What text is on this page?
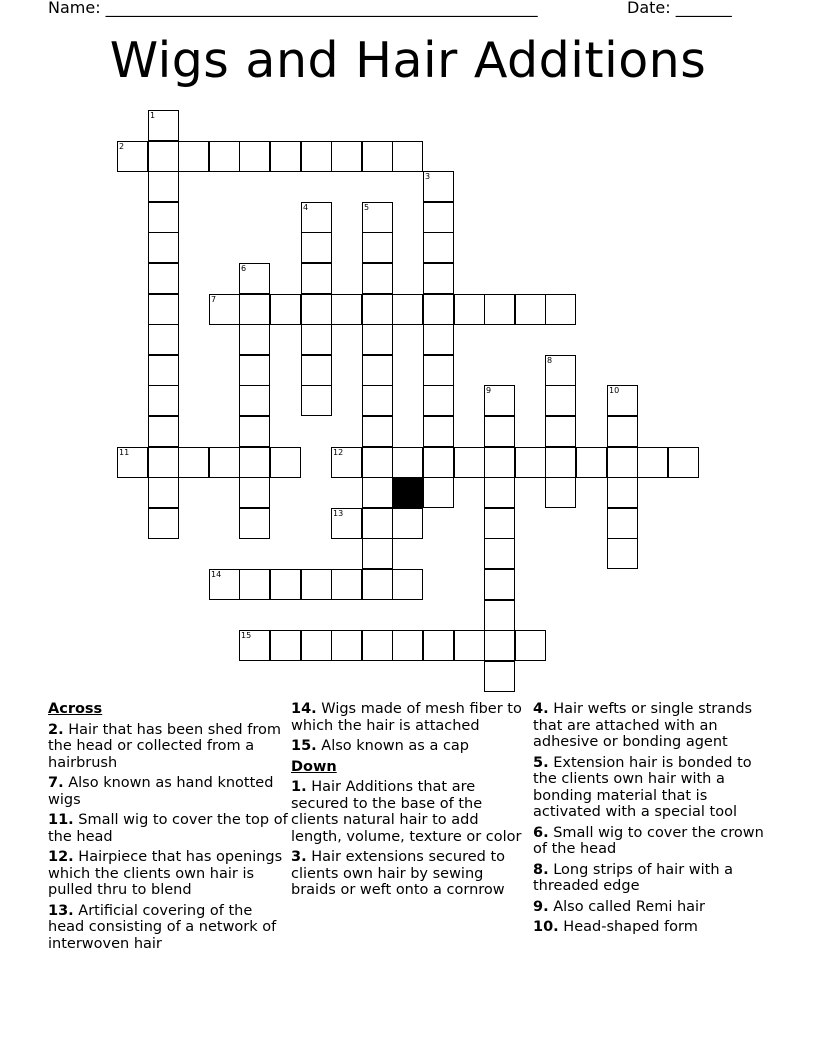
Name: ______________________________________________________	Date: _______
Wigs and Hair Additions
1
2
3
4	5
6
7
8
9	10
11	12
13
14
15
Across
2. Hair that has been shed from the head or collected from a hairbrush
7. Also known as hand knotted wigs
11. Small wig to cover the top of the head
12. Hairpiece that has openings which the clients own hair is pulled thru to blend
13. Artificial covering of the head consisting of a network of interwoven hair
14. Wigs made of mesh fiber to which the hair is attached
15. Also known as a cap
Down
1. Hair Additions that are secured to the base of the clients natural hair to add length, volume, texture or color
3. Hair extensions secured to clients own hair by sewing braids or weft onto a cornrow
4. Hair wefts or single strands that are attached with an adhesive or bonding agent
5. Extension hair is bonded to the clients own hair with a bonding material that is activated with a special tool
6. Small wig to cover the crown of the head
8. Long strips of hair with a threaded edge
9. Also called Remi hair
10. Head-shaped form
